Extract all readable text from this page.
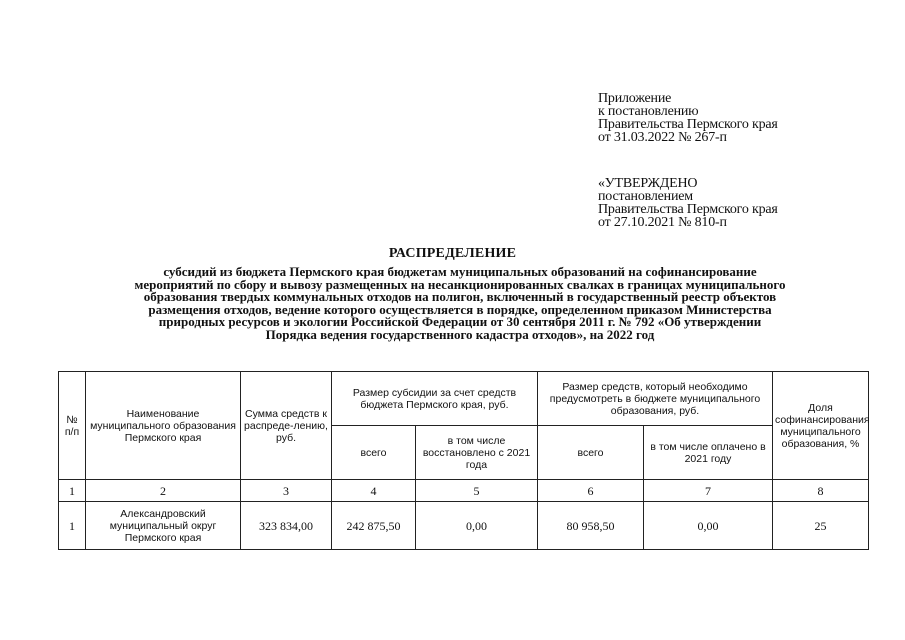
Приложение
к постановлению
Правительства Пермского края
от 31.03.2022 № 267-п
«УТВЕРЖДЕНО
постановлением
Правительства Пермского края
от 27.10.2021 № 810-п
РАСПРЕДЕЛЕНИЕ
субсидий из бюджета Пермского края бюджетам муниципальных образований на софинансирование
мероприятий по сбору и вывозу размещенных на несанкционированных свалках в границах муниципального
образования твердых коммунальных отходов на полигон, включенный в государственный реестр объектов
размещения отходов, ведение которого осуществляется в порядке, определенном приказом Министерства
природных ресурсов и экологии Российской Федерации от 30 сентября 2011 г. № 792 «Об утверждении
Порядка ведения государственного кадастра отходов», на 2022 год
№ п/п	Наименование муниципального образования Пермского края	Сумма средств к распреде-лению, руб.	Размер субсидии за счет средств бюджета Пермского края, руб.		Размер средств, который необходимо предусмотреть в бюджете муниципального образования, руб.		Доля софинансирования муниципального образования, %
			всего	в том числе восстановлено с 2021 года	всего	в том числе оплачено в 2021 году	
1	2	3	4	5	6	7	8
1	Александровский муниципальный округ Пермского края	323 834,00	242 875,50	0,00	80 958,50	0,00	25
